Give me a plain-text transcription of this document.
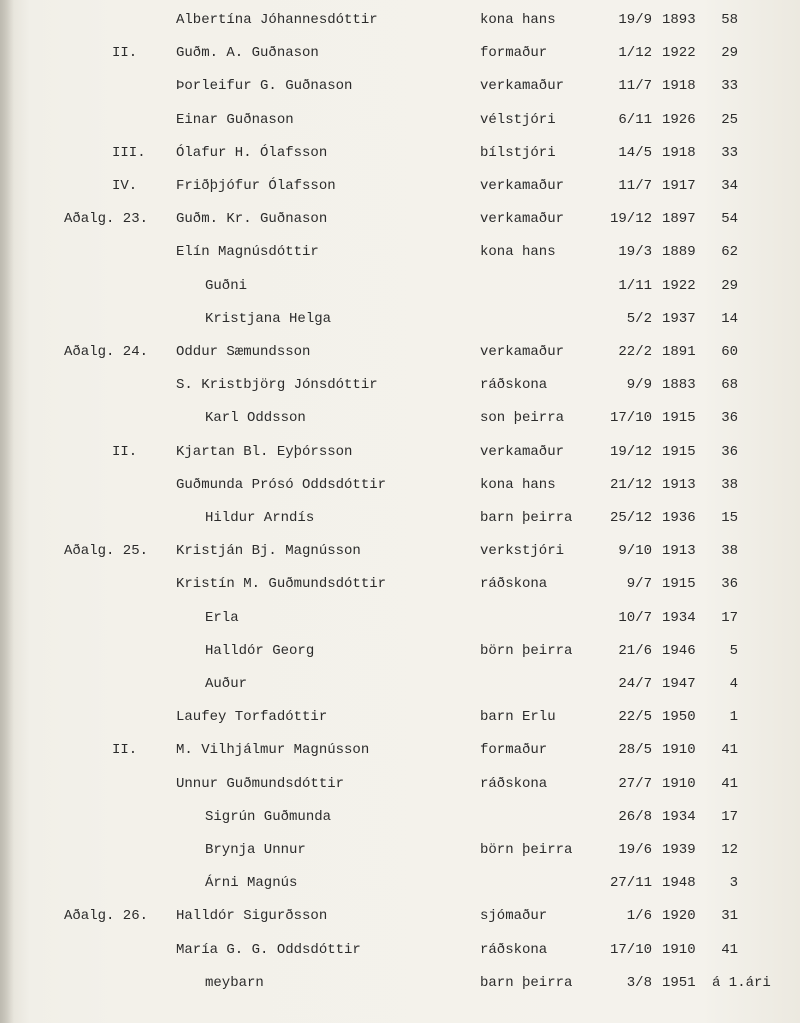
Albertína Jóhannesdóttir	kona hans	19/9 1893	58
II.	Guðm. A. Guðnason	formaður	1/12 1922	29
Þorleifur G. Guðnason	verkamaður	11/7 1918	33
Einar Guðnason	vélstjóri	6/11 1926	25
III. Ólafur H. Ólafsson	bílstjóri	14/5 1918	33
IV.	Friðþjófur Ólafsson	verkamaður	11/7 1917	34
Aðalg. 23. Guðm. Kr. Guðnason	verkamaður	19/12 1897	54
Elín Magnúsdóttir	kona hans	19/3 1889	62
Guðni	1/11 1922	29
Kristjana Helga	5/2 1937	14
Aðalg. 24. Oddur Sæmundsson	verkamaður	22/2 1891	60
S. Kristbjörg Jónsdóttir	ráðskona	9/9 1883	68
Karl Oddsson	son þeirra	17/10 1915	36
II.	Kjartan Bl. Eyþórsson	verkamaður	19/12 1915	36
Guðmunda Prósó Oddsdóttir	kona hans	21/12 1913	38
Hildur Arndís	barn þeirra	25/12 1936	15
Aðalg. 25. Kristján Bj. Magnússon	verkstjóri	9/10 1913	38
Kristín M. Guðmundsdóttir	ráðskona	9/7 1915	36
Erla	10/7 1934	17
Halldór Georg	börn þeirra	21/6 1946	5
Auður	24/7 1947	4
Laufey Torfadóttir	barn Erlu	22/5 1950	1
II.	M. Vilhjálmur Magnússon	formaður	28/5 1910	41
Unnur Guðmundsdóttir	ráðskona	27/7 1910	41
Sigrún Guðmunda	26/8 1934	17
Brynja Unnur	börn þeirra	19/6 1939	12
Árni Magnús	27/11 1948	3
Aðalg. 26. Halldór Sigurðsson	sjómaður	1/6 1920	31
María G. G. Oddsdóttir	ráðskona	17/10 1910	41
meybarn	barn þeirra	3/8 1951 á 1.ári
